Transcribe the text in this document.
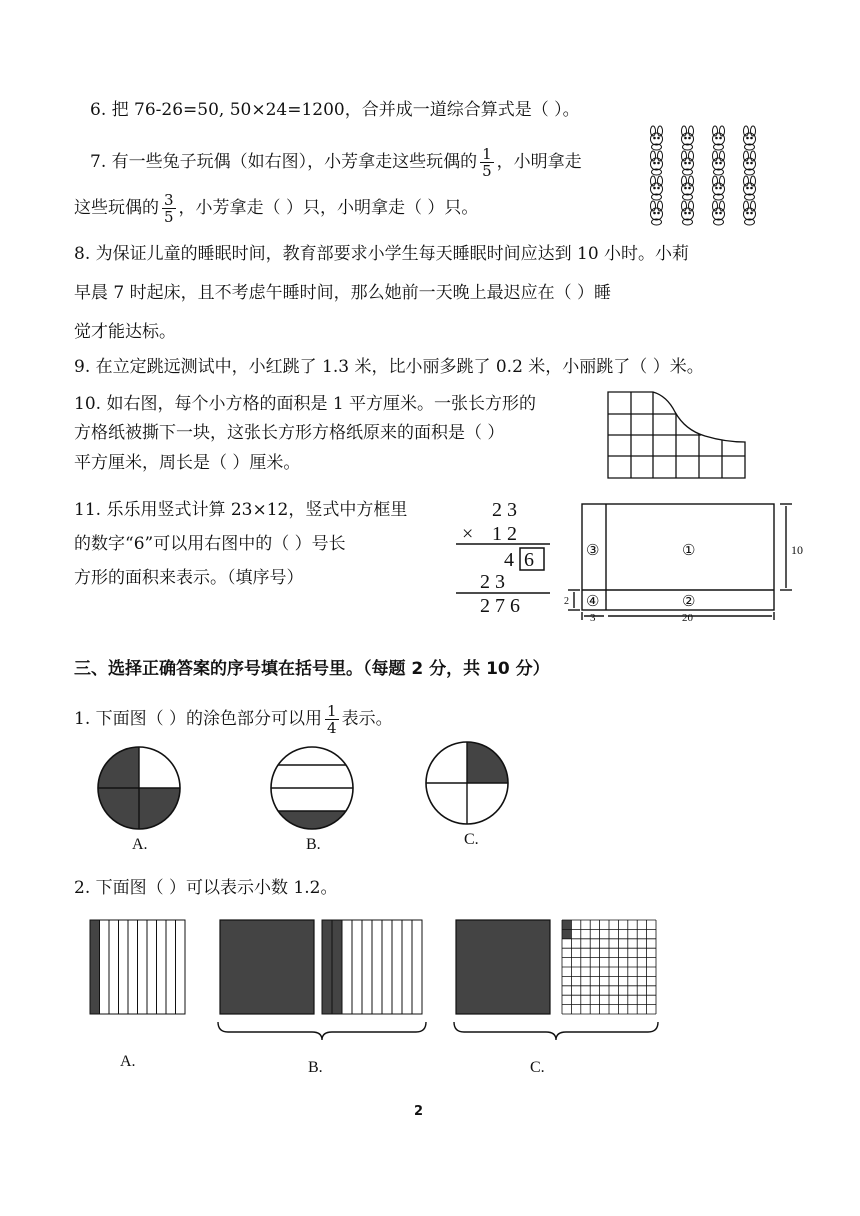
6. 把 76-26=50, 50×24=1200，合并成一道综合算式是（ ）。
7. 有一些兔子玩偶（如右图），小芳拿走这些玩偶的 $\frac{1}{5}$ ，小明拿走
这些玩偶的 $\frac{3}{5}$ ，小芳拿走（ ）只，小明拿走（ ）只。
8. 为保证儿童的睡眠时间，教育部要求小学生每天睡眠时间应达到 10 小时。小莉
早晨 7 时起床，且不考虑午睡时间，那么她前一天晚上最迟应在（ ）睡
觉才能达标。
9. 在立定跳远测试中，小红跳了 1.3 米，比小丽多跳了 0.2 米，小丽跳了（ ）米。
10. 如右图，每个小方格的面积是 1 平方厘米。一张长方形的
方格纸被撕下一块，这张长方形方格纸原来的面积是（ ）
平方厘米，周长是（ ）厘米。
11. 乐乐用竖式计算 23×12，竖式中方框里
的数字“6”可以用右图中的（ ）号长
方形的面积来表示。（填序号）
2 3
× 1 2
4 6
2 3
2 7 6
①
②
③
④
10
2
3	20
三、选择正确答案的序号填在括号里。（每题 2 分，共 10 分）
1. 下面图（ ）的涂色部分可以用 $\frac{1}{4}$ 表示。
A.	B.	C.
2. 下面图（ ）可以表示小数 1.2。
A.	B.	C.
2
